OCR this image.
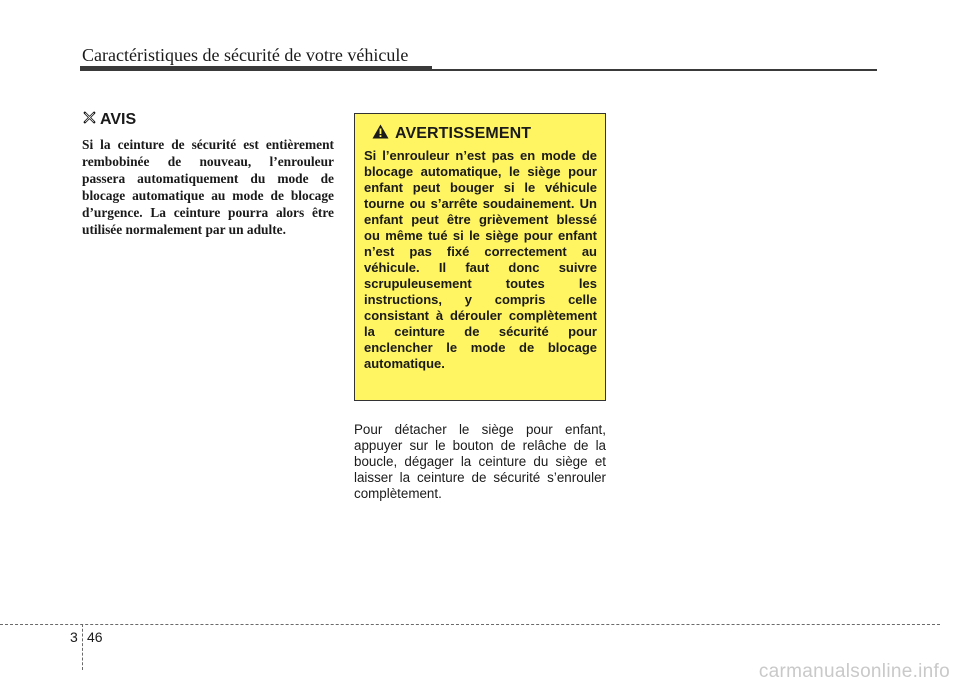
Caractéristiques de sécurité de votre véhicule
AVIS

Si la ceinture de sécurité est entièrement rembobinée de nouveau, l’enrouleur passera automatiquement du mode de blocage automatique au mode de blocage d’urgence. La ceinture pourra alors être utilisée normalement par un adulte.

AVERTISSEMENT

Si l’enrouleur n’est pas en mode de blocage automatique, le siège pour enfant peut bouger si le véhicule tourne ou s’arrête soudainement. Un enfant peut être grièvement blessé ou même tué si le siège pour enfant n’est pas fixé correctement au véhicule. Il faut donc suivre scrupuleusement toutes les instructions, y compris celle consistant à dérouler complètement la ceinture de sécurité pour enclencher le mode de blocage automatique.

Pour détacher le siège pour enfant, appuyer sur le bouton de relâche de la boucle, dégager la ceinture du siège et laisser la ceinture de sécurité s’enrouler complètement.

3 46
carmanualsonline.info
